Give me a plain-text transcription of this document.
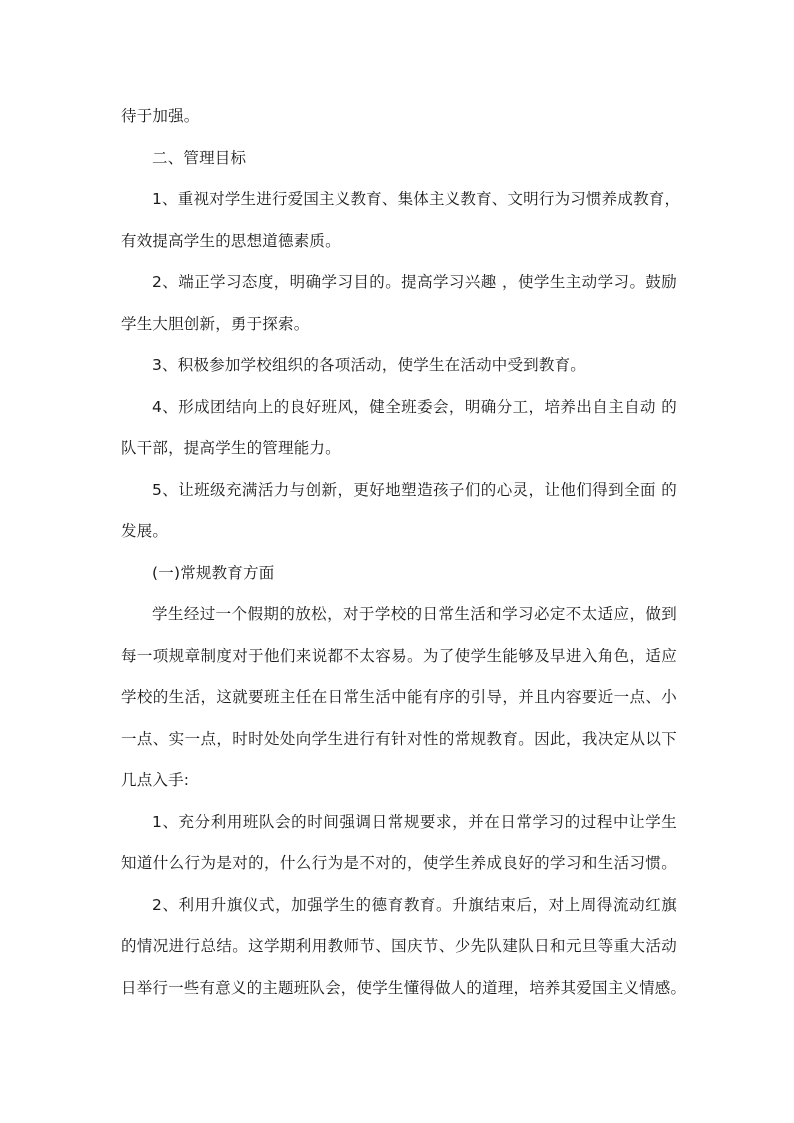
待于加强。
二、管理目标
1、重视对学生进行爱国主义教育、集体主义教育、文明行为习惯养成教育，
有效提高学生的思想道德素质。
2、端正学习态度，明确学习目的。提高学习兴趣 ，使学生主动学习。鼓励
学生大胆创新，勇于探索。
3、积极参加学校组织的各项活动，使学生在活动中受到教育。
4、形成团结向上的良好班风，健全班委会，明确分工，培养出自主自动 的
队干部，提高学生的管理能力。
5、让班级充满活力与创新，更好地塑造孩子们的心灵，让他们得到全面 的
发展。
(一)常规教育方面
学生经过一个假期的放松，对于学校的日常生活和学习必定不太适应，做到
每一项规章制度对于他们来说都不太容易。为了使学生能够及早进入角色，适应
学校的生活，这就要班主任在日常生活中能有序的引导，并且内容要近一点、小
一点、实一点，时时处处向学生进行有针对性的常规教育。因此，我决定从以下
几点入手:
1、充分利用班队会的时间强调日常规要求，并在日常学习的过程中让学生
知道什么行为是对的，什么行为是不对的，使学生养成良好的学习和生活习惯。
2、利用升旗仪式，加强学生的德育教育。升旗结束后，对上周得流动红旗
的情况进行总结。这学期利用教师节、国庆节、少先队建队日和元旦等重大活动
日举行一些有意义的主题班队会，使学生懂得做人的道理，培养其爱国主义情感。
